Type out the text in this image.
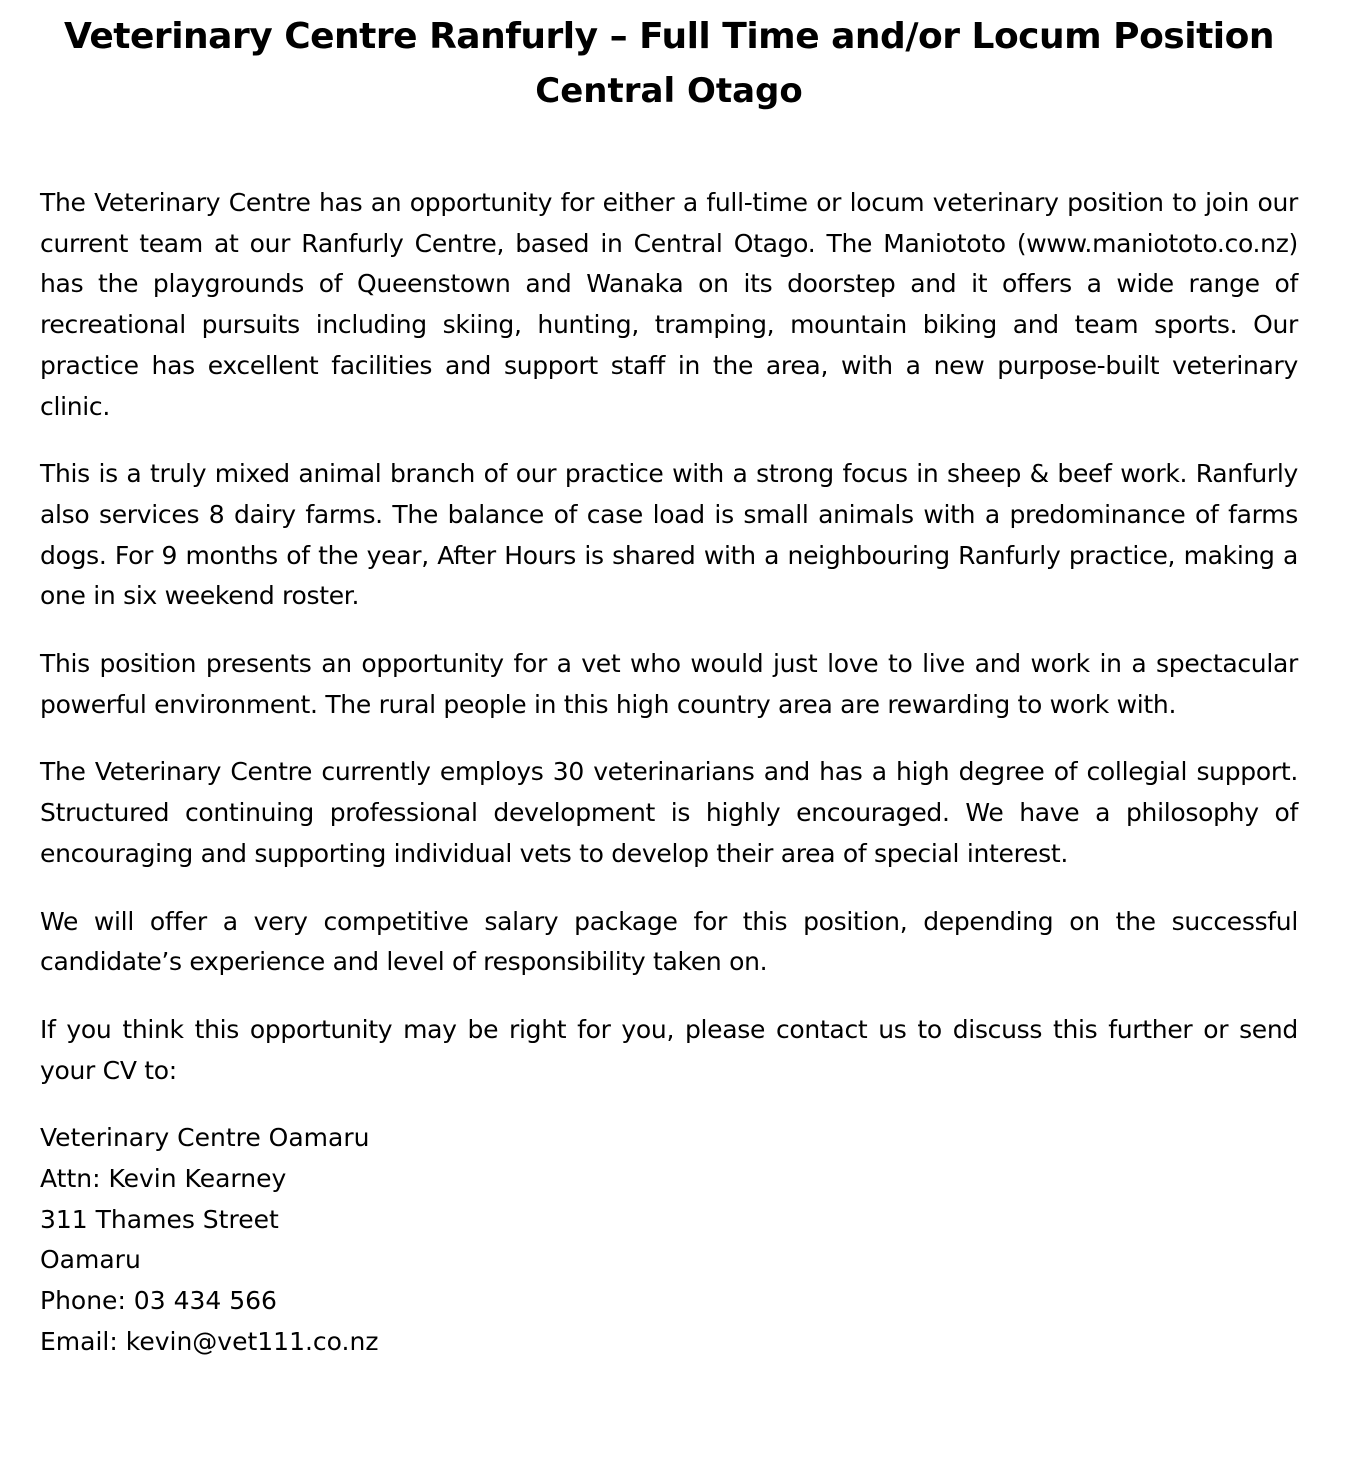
Veterinary Centre Ranfurly – Full Time and/or Locum Position
Central Otago

The Veterinary Centre has an opportunity for either a full-time or locum veterinary position to join our current team at our Ranfurly Centre, based in Central Otago. The Maniototo (www.maniototo.co.nz) has the playgrounds of Queenstown and Wanaka on its doorstep and it offers a wide range of recreational pursuits including skiing, hunting, tramping, mountain biking and team sports. Our practice has excellent facilities and support staff in the area, with a new purpose-built veterinary clinic.

This is a truly mixed animal branch of our practice with a strong focus in sheep & beef work. Ranfurly also services 8 dairy farms. The balance of case load is small animals with a predominance of farms dogs. For 9 months of the year, After Hours is shared with a neighbouring Ranfurly practice, making a one in six weekend roster.

This position presents an opportunity for a vet who would just love to live and work in a spectacular powerful environment. The rural people in this high country area are rewarding to work with.

The Veterinary Centre currently employs 30 veterinarians and has a high degree of collegial support. Structured continuing professional development is highly encouraged. We have a philosophy of encouraging and supporting individual vets to develop their area of special interest.

We will offer a very competitive salary package for this position, depending on the successful candidate’s experience and level of responsibility taken on.

If you think this opportunity may be right for you, please contact us to discuss this further or send your CV to:

Veterinary Centre Oamaru
Attn: Kevin Kearney
311 Thames Street
Oamaru
Phone: 03 434 566
Email: kevin@vet111.co.nz
